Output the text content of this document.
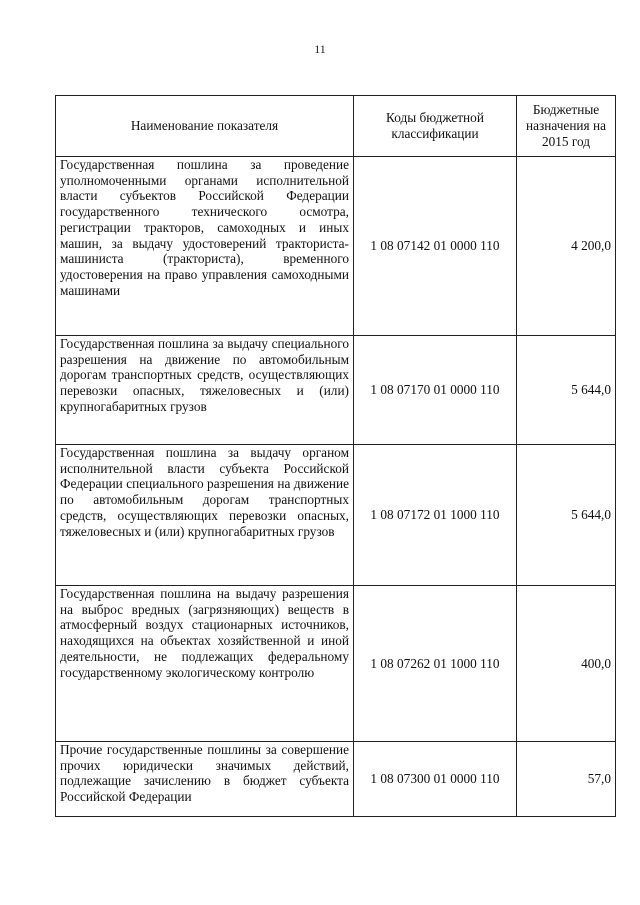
11
Наименование показателя	Коды бюджетной классификации	Бюджетные назначения на 2015 год
Государственная пошлина за проведение уполномоченными органами исполнительной власти субъектов Российской Федерации государственного технического осмотра, регистрации тракторов, самоходных и иных машин, за выдачу удостоверений тракториста-машиниста (тракториста), временного удостоверения на право управления самоходными машинами	1 08 07142 01 0000 110	4 200,0
Государственная пошлина за выдачу специального разрешения на движение по автомобильным дорогам транспортных средств, осуществляющих перевозки опасных, тяжеловесных и (или) крупногабаритных грузов	1 08 07170 01 0000 110	5 644,0
Государственная пошлина за выдачу органом исполнительной власти субъекта Российской Федерации специального разрешения на движение по автомобильным дорогам транспортных средств, осуществляющих перевозки опасных, тяжеловесных и (или) крупногабаритных грузов	1 08 07172 01 1000 110	5 644,0
Государственная пошлина на выдачу разрешения на выброс вредных (загрязняющих) веществ в атмосферный воздух стационарных источников, находящихся на объектах хозяйственной и иной деятельности, не подлежащих федеральному государственному экологическому контролю	1 08 07262 01 1000 110	400,0
Прочие государственные пошлины за совершение прочих юридически значимых действий, подлежащие зачислению в бюджет субъекта Российской Федерации	1 08 07300 01 0000 110	57,0
